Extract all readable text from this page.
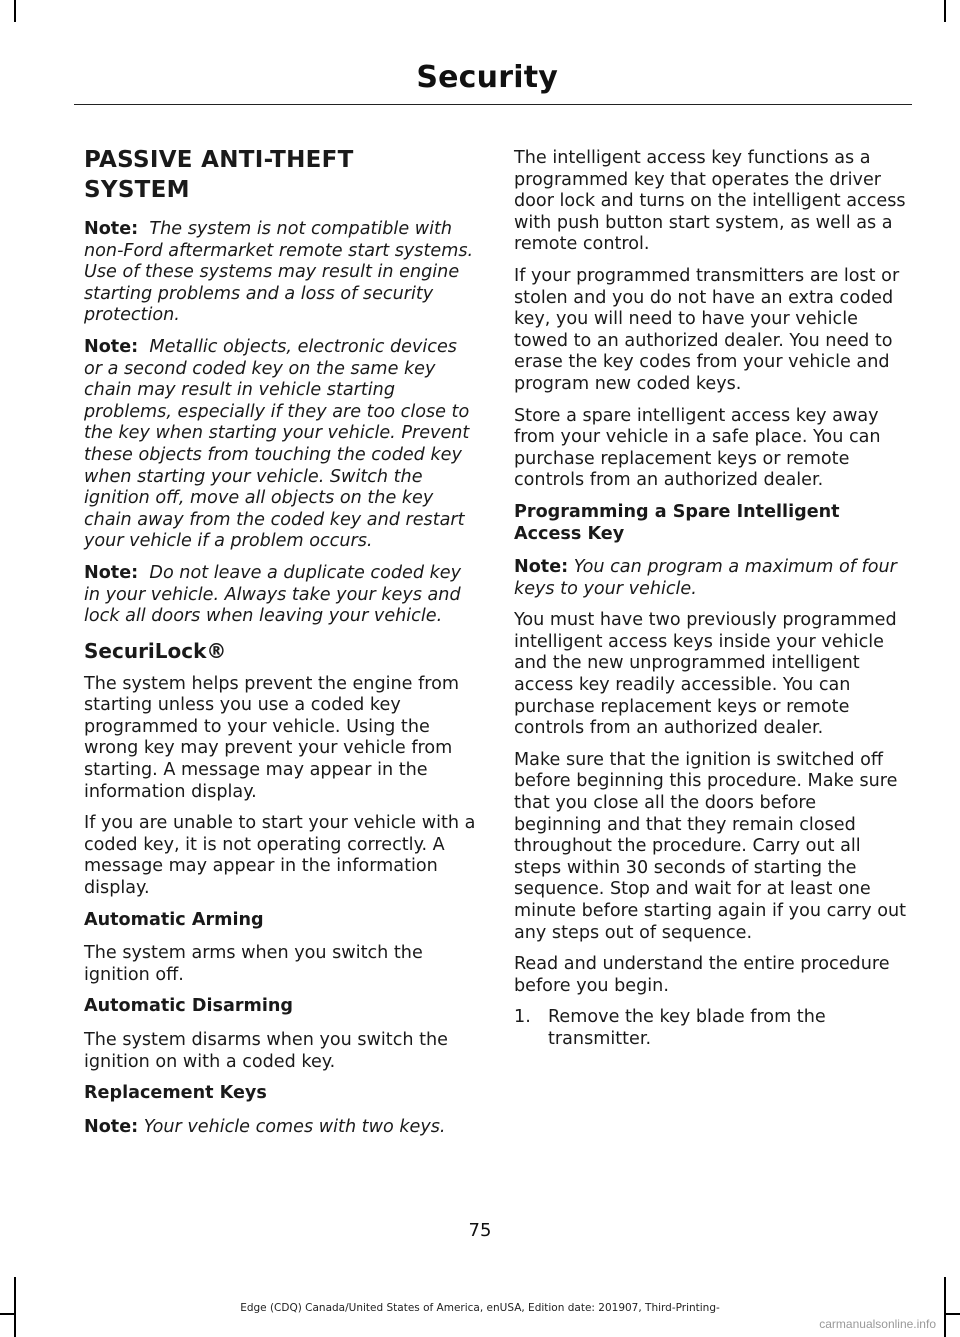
Security
PASSIVE ANTI-THEFT
SYSTEM

Note: The system is not compatible with non-Ford aftermarket remote start systems. Use of these systems may result in engine starting problems and a loss of security protection.

Note: Metallic objects, electronic devices or a second coded key on the same key chain may result in vehicle starting problems, especially if they are too close to the key when starting your vehicle. Prevent these objects from touching the coded key when starting your vehicle. Switch the ignition off, move all objects on the key chain away from the coded key and restart your vehicle if a problem occurs.

Note: Do not leave a duplicate coded key in your vehicle. Always take your keys and lock all doors when leaving your vehicle.

SecuriLock®

The system helps prevent the engine from starting unless you use a coded key programmed to your vehicle. Using the wrong key may prevent your vehicle from starting. A message may appear in the information display.

If you are unable to start your vehicle with a coded key, it is not operating correctly. A message may appear in the information display.

Automatic Arming

The system arms when you switch the ignition off.

Automatic Disarming

The system disarms when you switch the ignition on with a coded key.

Replacement Keys

Note: Your vehicle comes with two keys.

The intelligent access key functions as a programmed key that operates the driver door lock and turns on the intelligent access with push button start system, as well as a remote control.

If your programmed transmitters are lost or stolen and you do not have an extra coded key, you will need to have your vehicle towed to an authorized dealer. You need to erase the key codes from your vehicle and program new coded keys.

Store a spare intelligent access key away from your vehicle in a safe place. You can purchase replacement keys or remote controls from an authorized dealer.

Programming a Spare Intelligent Access Key

Note: You can program a maximum of four keys to your vehicle.

You must have two previously programmed intelligent access keys inside your vehicle and the new unprogrammed intelligent access key readily accessible. You can purchase replacement keys or remote controls from an authorized dealer.

Make sure that the ignition is switched off before beginning this procedure. Make sure that you close all the doors before beginning and that they remain closed throughout the procedure. Carry out all steps within 30 seconds of starting the sequence. Stop and wait for at least one minute before starting again if you carry out any steps out of sequence.

Read and understand the entire procedure before you begin.

1. Remove the key blade from the transmitter.
75
Edge (CDQ) Canada/United States of America, enUSA, Edition date: 201907, Third-Printing-
carmanualsonline.info
